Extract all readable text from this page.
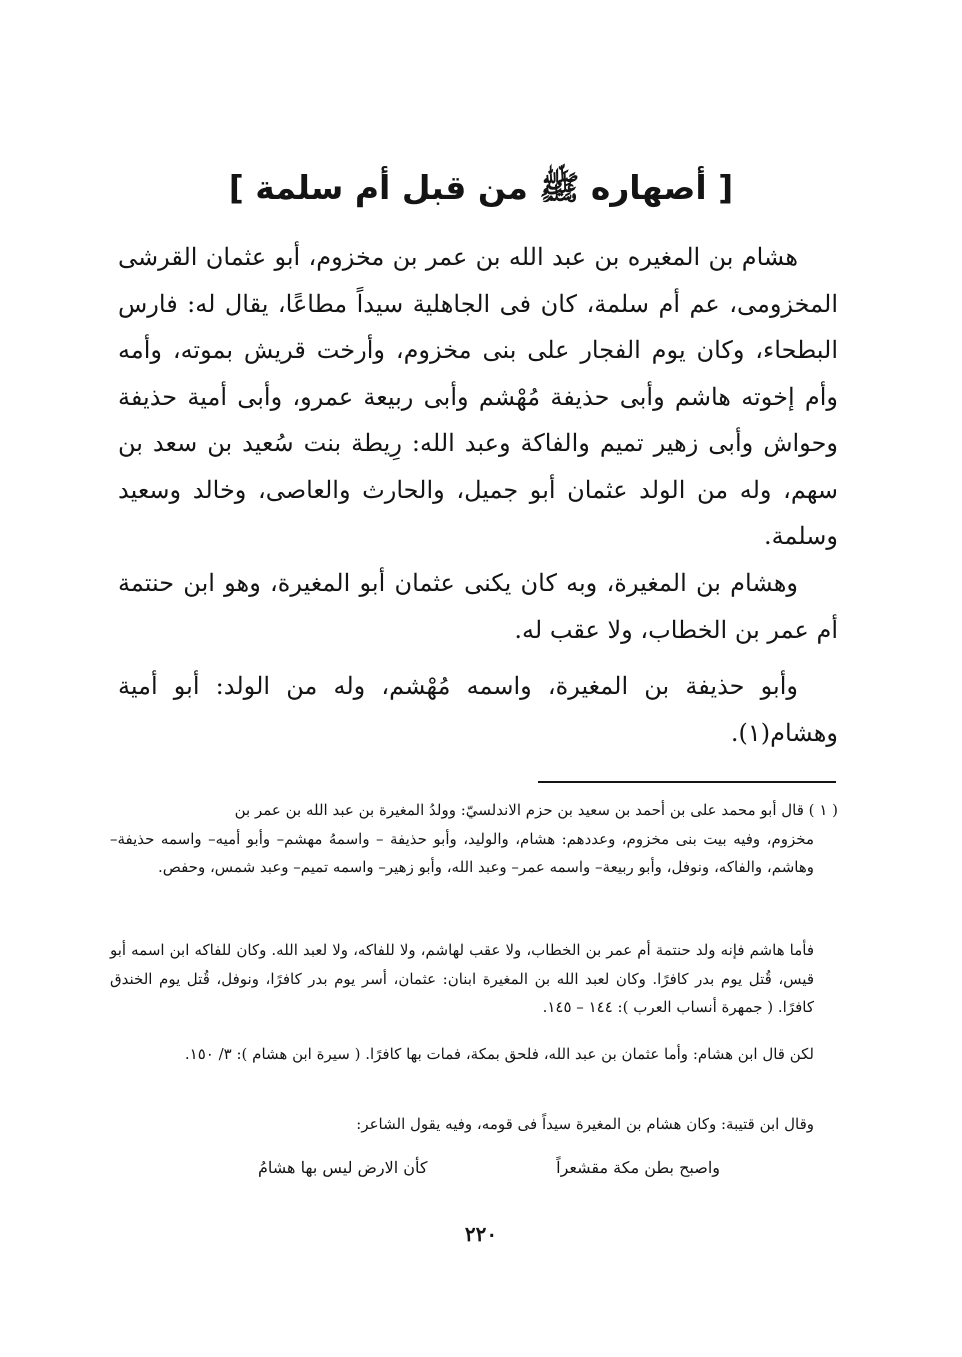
[ أصهاره ﷺ من قبل أم سلمة ]

هشام بن المغيره بن عبد الله بن عمر بن مخزوم، أبو عثمان القرشى المخزومى، عم أم سلمة، كان فى الجاهلية سيداً مطاعًا، يقال له: فارس البطحاء، وكان يوم الفجار على بنى مخزوم، وأرخت قريش بموته، وأمه وأم إخوته هاشم وأبى حذيفة مُهْشم وأبى ربيعة عمرو، وأبى أمية حذيفة وحواش وأبى زهير تميم والفاكة وعبد الله: رِيطة بنت سُعيد بن سعد بن سهم، وله من الولد عثمان أبو جميل، والحارث والعاصى، وخالد وسعيد وسلمة.

وهشام بن المغيرة، وبه كان يكنى عثمان أبو المغيرة، وهو ابن حنتمة أم عمر بن الخطاب، ولا عقب له.

وأبو حذيفة بن المغيرة، واسمه مُهْشم، وله من الولد: أبو أمية وهشام(١).

( ١ ) قال أبو محمد على بن أحمد بن سعيد بن حزم الاندلسيّ: وولدُ المغيرة بن عبد الله بن عمر بن
مخزوم، وفيه بيت بنى مخزوم، وعددهم: هشام، والوليد، وأبو حذيفة – واسمهُ مهشم– وأبو أميه– واسمه حذيفة– وهاشم، والفاكه، ونوفل، وأبو ربيعة– واسمه عمر– وعبد الله، وأبو زهير– واسمه تميم– وعبد شمس، وحفص.
فأما هاشم فإنه ولد حنتمة أم عمر بن الخطاب، ولا عقب لهاشم، ولا للفاكه، ولا لعبد الله. وكان للفاكه ابن اسمه أبو قيس، قُتل يوم بدر كافرًا. وكان لعبد الله بن المغيرة ابنان: عثمان، أسر يوم بدر كافرًا، ونوفل، قُتل يوم الخندق كافرًا. ( جمهرة أنساب العرب ): ١٤٤ – ١٤٥.
لكن قال ابن هشام: وأما عثمان بن عبد الله، فلحق بمكة، فمات بها كافرًا. ( سيرة ابن هشام ): ٣/ ١٥٠.
وقال ابن قتيبة: وكان هشام بن المغيرة سيداً فى قومه، وفيه يقول الشاعر:
واصبح بطن مكة مقشعراً
كأن الارض ليس بها هشامُ
٢٢٠
